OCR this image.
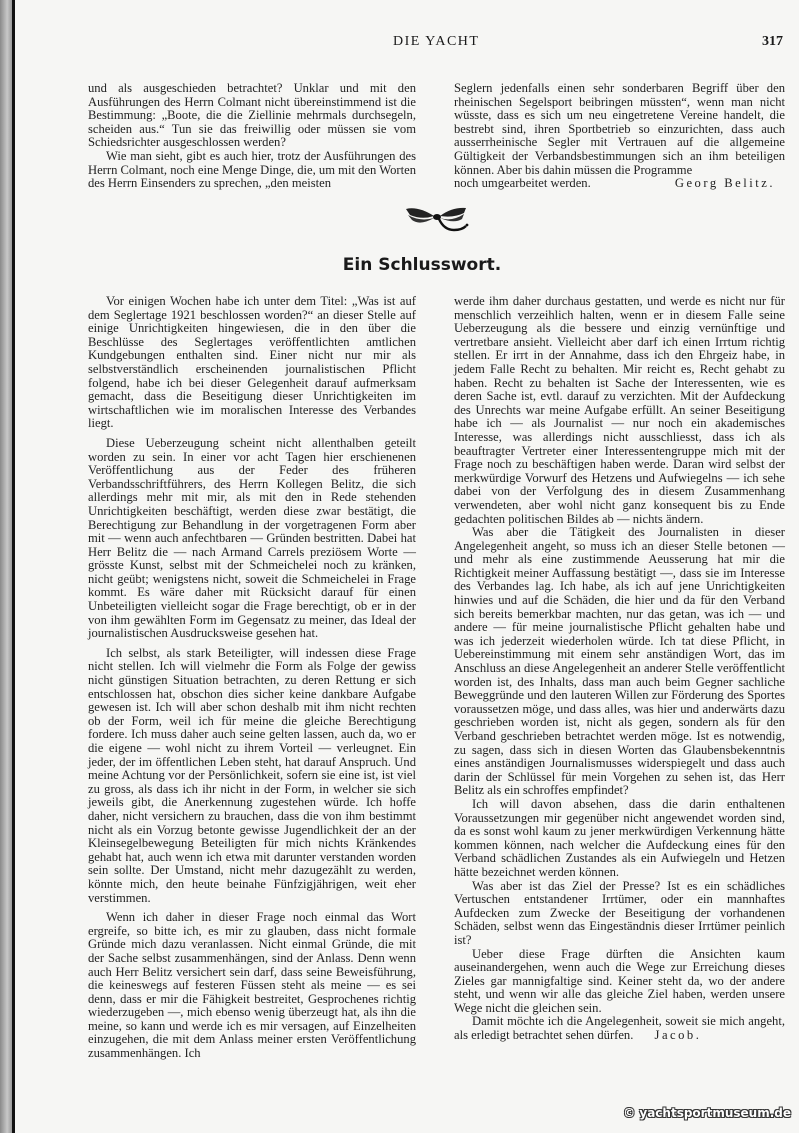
DIE YACHT	317

und als ausgeschieden betrachtet? Unklar und mit den Ausführungen des Herrn Colmant nicht übereinstimmend ist die Bestimmung: „Boote, die die Ziellinie mehrmals durchsegeln, scheiden aus.“ Tun sie das freiwillig oder müssen sie vom Schiedsrichter ausgeschlossen werden?

Wie man sieht, gibt es auch hier, trotz der Ausführungen des Herrn Colmant, noch eine Menge Dinge, die, um mit den Worten des Herrn Einsenders zu sprechen, „den meisten

Seglern jedenfalls einen sehr sonderbaren Begriff über den rheinischen Segelsport beibringen müssten“, wenn man nicht wüsste, dass es sich um neu eingetretene Vereine handelt, die bestrebt sind, ihren Sportbetrieb so einzurichten, dass auch ausserrheinische Segler mit Vertrauen auf die allgemeine Gültigkeit der Verbandsbestimmungen sich an ihm beteiligen können. Aber bis dahin müssen die Programme

noch umgearbeitet werden.	Georg Belitz.
Ein Schlusswort.

Vor einigen Wochen habe ich unter dem Titel: „Was ist auf dem Seglertage 1921 beschlossen worden?“ an dieser Stelle auf einige Unrichtigkeiten hingewiesen, die in den über die Beschlüsse des Seglertages veröffentlichten amtlichen Kundgebungen enthalten sind. Einer nicht nur mir als selbstverständlich erscheinenden journalistischen Pflicht folgend, habe ich bei dieser Gelegenheit darauf aufmerksam gemacht, dass die Beseitigung dieser Unrichtigkeiten im wirtschaftlichen wie im moralischen Interesse des Verbandes liegt.

Diese Ueberzeugung scheint nicht allenthalben geteilt worden zu sein. In einer vor acht Tagen hier erschienenen Veröffentlichung aus der Feder des früheren Verbandsschriftführers, des Herrn Kollegen Belitz, die sich allerdings mehr mit mir, als mit den in Rede stehenden Unrichtigkeiten beschäftigt, werden diese zwar bestätigt, die Berechtigung zur Behandlung in der vorgetragenen Form aber mit — wenn auch anfechtbaren — Gründen bestritten. Dabei hat Herr Belitz die — nach Armand Carrels preziösem Worte — grösste Kunst, selbst mit der Schmeichelei noch zu kränken, nicht geübt; wenigstens nicht, soweit die Schmeichelei in Frage kommt. Es wäre daher mit Rücksicht darauf für einen Unbeteiligten vielleicht sogar die Frage berechtigt, ob er in der von ihm gewählten Form im Gegensatz zu meiner, das Ideal der journalistischen Ausdrucksweise gesehen hat.

Ich selbst, als stark Beteiligter, will indessen diese Frage nicht stellen. Ich will vielmehr die Form als Folge der gewiss nicht günstigen Situation betrachten, zu deren Rettung er sich entschlossen hat, obschon dies sicher keine dankbare Aufgabe gewesen ist. Ich will aber schon deshalb mit ihm nicht rechten ob der Form, weil ich für meine die gleiche Berechtigung fordere. Ich muss daher auch seine gelten lassen, auch da, wo er die eigene — wohl nicht zu ihrem Vorteil — verleugnet. Ein jeder, der im öffentlichen Leben steht, hat darauf Anspruch. Und meine Achtung vor der Persönlichkeit, sofern sie eine ist, ist viel zu gross, als dass ich ihr nicht in der Form, in welcher sie sich jeweils gibt, die Anerkennung zugestehen würde. Ich hoffe daher, nicht versichern zu brauchen, dass die von ihm bestimmt nicht als ein Vorzug betonte gewisse Jugendlichkeit der an der Kleinsegelbewegung Beteiligten für mich nichts Kränkendes gehabt hat, auch wenn ich etwa mit darunter verstanden worden sein sollte. Der Umstand, nicht mehr dazugezählt zu werden, könnte mich, den heute beinahe Fünfzigjährigen, weit eher verstimmen.

Wenn ich daher in dieser Frage noch einmal das Wort ergreife, so bitte ich, es mir zu glauben, dass nicht formale Gründe mich dazu veranlassen. Nicht einmal Gründe, die mit der Sache selbst zusammenhängen, sind der Anlass. Denn wenn auch Herr Belitz versichert sein darf, dass seine Beweisführung, die keineswegs auf festeren Füssen steht als meine — es sei denn, dass er mir die Fähigkeit bestreitet, Gesprochenes richtig wiederzugeben —, mich ebenso wenig überzeugt hat, als ihn die meine, so kann und werde ich es mir versagen, auf Einzelheiten einzugehen, die mit dem Anlass meiner ersten Veröffentlichung zusammenhängen. Ich

werde ihm daher durchaus gestatten, und werde es nicht nur für menschlich verzeihlich halten, wenn er in diesem Falle seine Ueberzeugung als die bessere und einzig vernünftige und vertretbare ansieht. Vielleicht aber darf ich einen Irrtum richtig stellen. Er irrt in der Annahme, dass ich den Ehrgeiz habe, in jedem Falle Recht zu behalten. Mir reicht es, Recht gehabt zu haben. Recht zu behalten ist Sache der Interessenten, wie es deren Sache ist, evtl. darauf zu verzichten. Mit der Aufdeckung des Unrechts war meine Aufgabe erfüllt. An seiner Beseitigung habe ich — als Journalist — nur noch ein akademisches Interesse, was allerdings nicht ausschliesst, dass ich als beauftragter Vertreter einer Interessentengruppe mich mit der Frage noch zu beschäftigen haben werde. Daran wird selbst der merkwürdige Vorwurf des Hetzens und Aufwiegelns — ich sehe dabei von der Verfolgung des in diesem Zusammenhang verwendeten, aber wohl nicht ganz konsequent bis zu Ende gedachten politischen Bildes ab — nichts ändern.

Was aber die Tätigkeit des Journalisten in dieser Angelegenheit angeht, so muss ich an dieser Stelle betonen — und mehr als eine zustimmende Aeusserung hat mir die Richtigkeit meiner Auffassung bestätigt —, dass sie im Interesse des Verbandes lag. Ich habe, als ich auf jene Unrichtigkeiten hinwies und auf die Schäden, die hier und da für den Verband sich bereits bemerkbar machten, nur das getan, was ich — und andere — für meine journalistische Pflicht gehalten habe und was ich jederzeit wiederholen würde. Ich tat diese Pflicht, in Uebereinstimmung mit einem sehr anständigen Wort, das im Anschluss an diese Angelegenheit an anderer Stelle veröffentlicht worden ist, des Inhalts, dass man auch beim Gegner sachliche Beweggründe und den lauteren Willen zur Förderung des Sportes voraussetzen möge, und dass alles, was hier und anderwärts dazu geschrieben worden ist, nicht als gegen, sondern als für den Verband geschrieben betrachtet werden möge. Ist es notwendig, zu sagen, dass sich in diesen Worten das Glaubensbekenntnis eines anständigen Journalismusses widerspiegelt und dass auch darin der Schlüssel für mein Vorgehen zu sehen ist, das Herr Belitz als ein schroffes empfindet?

Ich will davon absehen, dass die darin enthaltenen Voraussetzungen mir gegenüber nicht angewendet worden sind, da es sonst wohl kaum zu jener merkwürdigen Verkennung hätte kommen können, nach welcher die Aufdeckung eines für den Verband schädlichen Zustandes als ein Aufwiegeln und Hetzen hätte bezeichnet werden können.

Was aber ist das Ziel der Presse? Ist es ein schädliches Vertuschen entstandener Irrtümer, oder ein mannhaftes Aufdecken zum Zwecke der Beseitigung der vorhandenen Schäden, selbst wenn das Eingeständnis dieser Irrtümer peinlich ist?

Ueber diese Frage dürften die Ansichten kaum auseinandergehen, wenn auch die Wege zur Erreichung dieses Zieles gar mannigfaltige sind. Keiner steht da, wo der andere steht, und wenn wir alle das gleiche Ziel haben, werden unsere Wege nicht die gleichen sein.

Damit möchte ich die Angelegenheit, soweit sie mich angeht, als erledigt betrachtet sehen dürfen. Jacob.

© yachtsportmuseum.de
